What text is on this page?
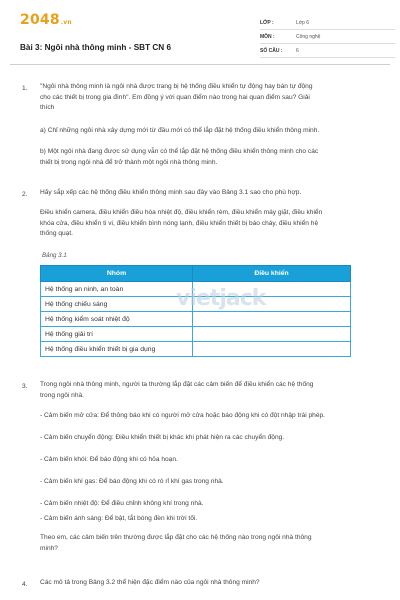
2048.vn
Bài 3: Ngôi nhà thông minh - SBT CN 6
LỚP :	Lớp 6
MÔN :	Công nghệ
SỐ CÂU :	6
1. "Ngôi nhà thông minh là ngôi nhà được trang bị hệ thống điều khiển tự động hay bán tự động
cho các thiết bị trong gia đình". Em đồng ý với quan điểm nào trong hai quan điểm sau? Giải
thích
a) Chỉ những ngôi nhà xây dựng mới từ đầu mới có thể lắp đặt hệ thống điều khiển thông minh.
b) Một ngôi nhà đang được sử dụng vẫn có thể lắp đặt hệ thống điều khiển thông minh cho các
thiết bị trong ngôi nhà để trở thành một ngôi nhà thông minh.
2. Hãy sắp xếp các hệ thống điều khiển thông minh sau đây vào Bảng 3.1 sao cho phù hợp.
Điều khiển camera, điều khiển điều hòa nhiệt độ, điều khiển rèm, điều khiển máy giặt, điều khiển
khóa cửa, điều khiển ti vi, điều khiển bình nóng lạnh, điều khiển thiết bị báo cháy, điều khiển hệ
thống quạt.
Bảng 3.1
Nhóm	Điều khiển
Hệ thống an ninh, an toàn	
Hệ thống chiếu sáng	
Hệ thống kiểm soát nhiệt độ	
Hệ thống giải trí	
Hệ thống điều khiển thiết bị gia dụng	
vietjack
3. Trong ngôi nhà thông minh, người ta thường lắp đặt các cảm biến để điều khiển các hệ thống
trong ngôi nhà.
- Cảm biến mở cửa: Để thông báo khi có người mở cửa hoặc báo động khi có đột nhập trái phép.
- Cảm biến chuyển động: Điều khiển thiết bị khác khi phát hiện ra các chuyển động.
- Cảm biến khói: Để báo động khi có hỏa hoạn.
- Cảm biến khí gas: Để báo động khi có rò rỉ khí gas trong nhà.
- Cảm biến nhiệt độ: Để điều chỉnh không khí trong nhà.
- Cảm biến ánh sáng: Để bật, tắt bóng đèn khi trời tối.
Theo em, các cảm biến trên thường được lắp đặt cho các hệ thống nào trong ngôi nhà thông
minh?
4. Các mô tả trong Bảng 3.2 thể hiện đặc điểm nào của ngôi nhà thông minh?
